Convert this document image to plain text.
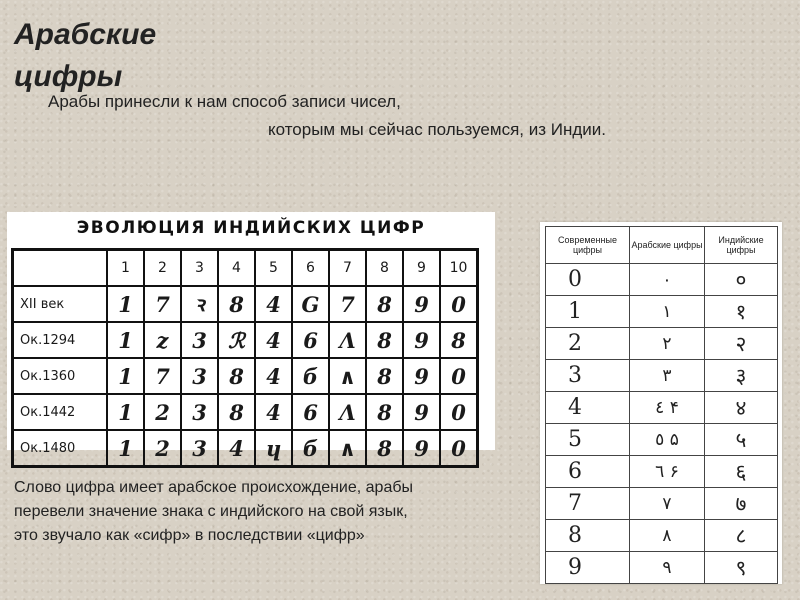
Арабские цифры
Арабы принесли к нам способ записи чисел,
которым мы сейчас пользуемся, из Индии.
ЭВОЛЮЦИЯ ИНДИЙСКИХ ЦИФР
	1	2	3	4	5	6	7	8	9	10
XII век	1	7	ꝛ	8	4	G	7	8	9	0
Ок.1294	1	z	3	ℛ	4	6	Λ	8	9	8
Ок.1360	1	7	3	8	4	б	∧	8	9	0
Ок.1442	1	2	3	8	4	6	Λ	8	9	0
Ок.1480	1	2	3	4	ɥ	б	∧	8	9	0
Современные цифры	Арабские цифры	Индийские цифры
0	٠	०
1	١	१
2	٢	२
3	٣	३
4	٤ ۴	४
5	٥ ۵	५
6	٦ ۶	६
7	٧	७
8	٨	८
9	٩	९
Слово цифра имеет арабское происхождение, арабы
перевели значение знака с индийского на свой язык,
это звучало как «сифр» в последствии «цифр»
